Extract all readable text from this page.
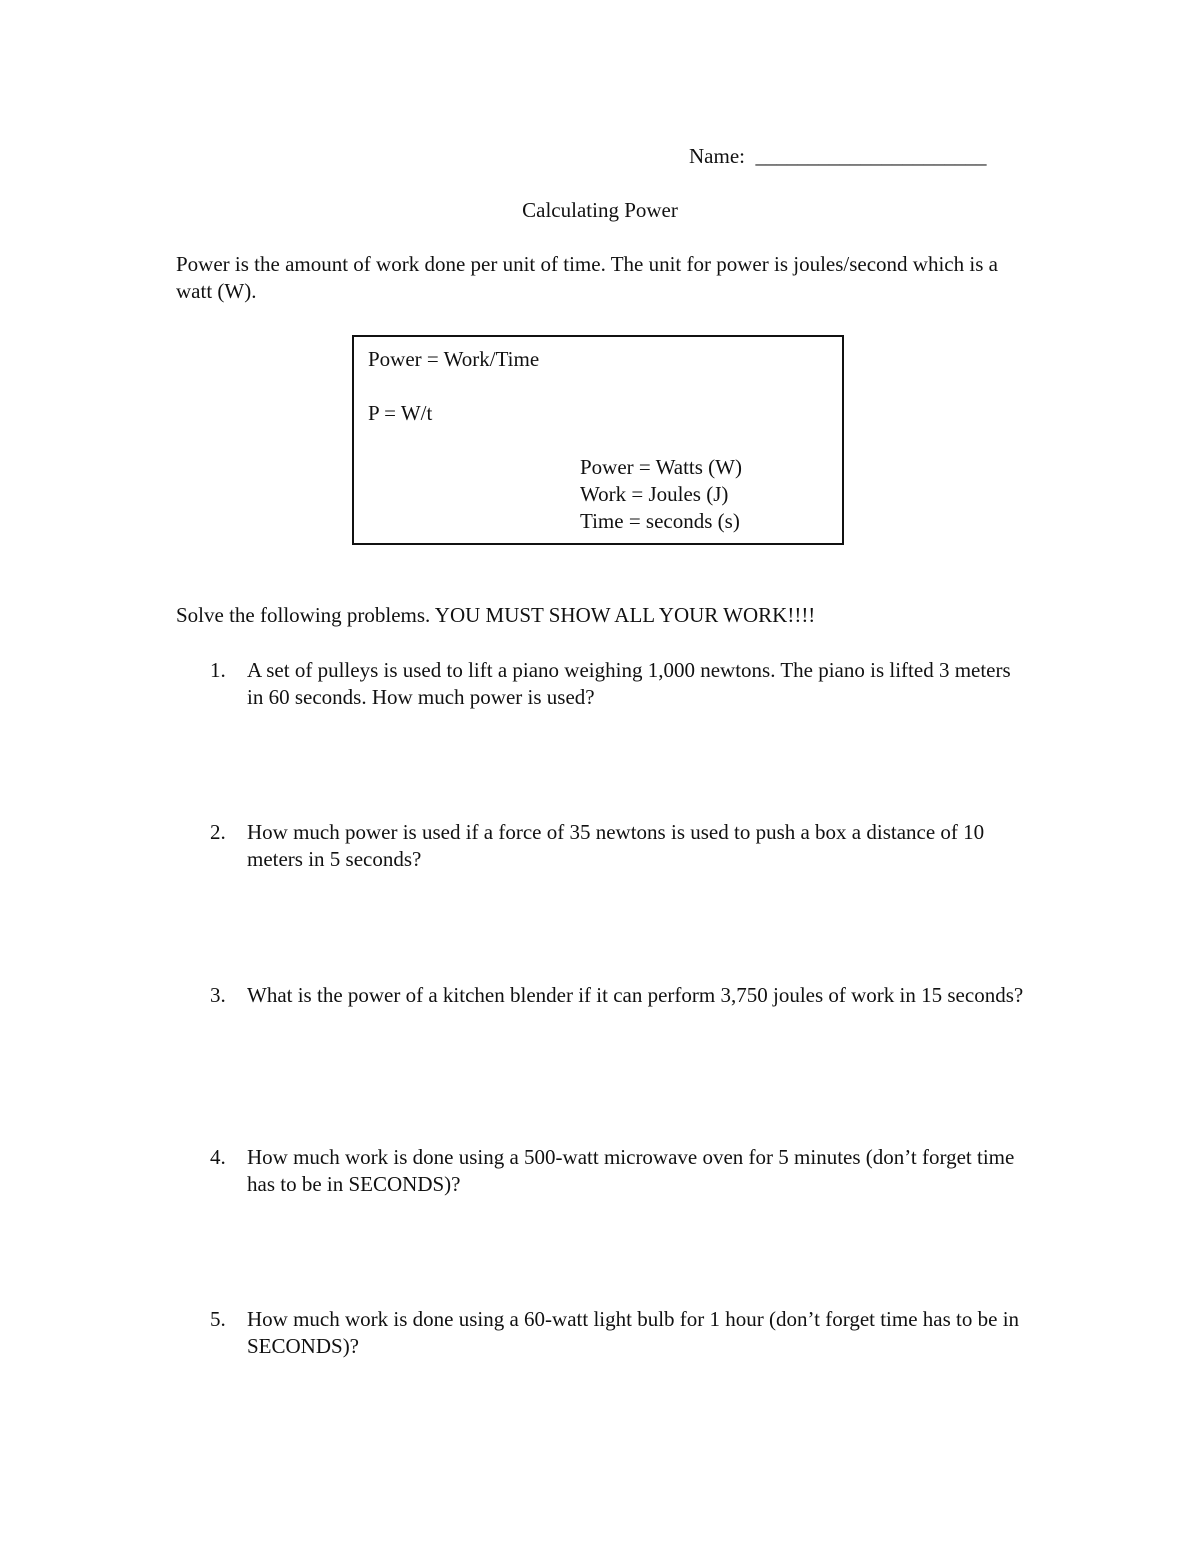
Name: ______________________
Calculating Power
Power is the amount of work done per unit of time. The unit for power is joules/second which is a watt (W).
Power = Work/Time
P = W/t
Power = Watts (W)
Work = Joules (J)
Time = seconds (s)
Solve the following problems. YOU MUST SHOW ALL YOUR WORK!!!!
1. A set of pulleys is used to lift a piano weighing 1,000 newtons. The piano is lifted 3 meters in 60 seconds. How much power is used?
2. How much power is used if a force of 35 newtons is used to push a box a distance of 10 meters in 5 seconds?
3. What is the power of a kitchen blender if it can perform 3,750 joules of work in 15 seconds?
4. How much work is done using a 500-watt microwave oven for 5 minutes (don’t forget time has to be in SECONDS)?
5. How much work is done using a 60-watt light bulb for 1 hour (don’t forget time has to be in SECONDS)?
